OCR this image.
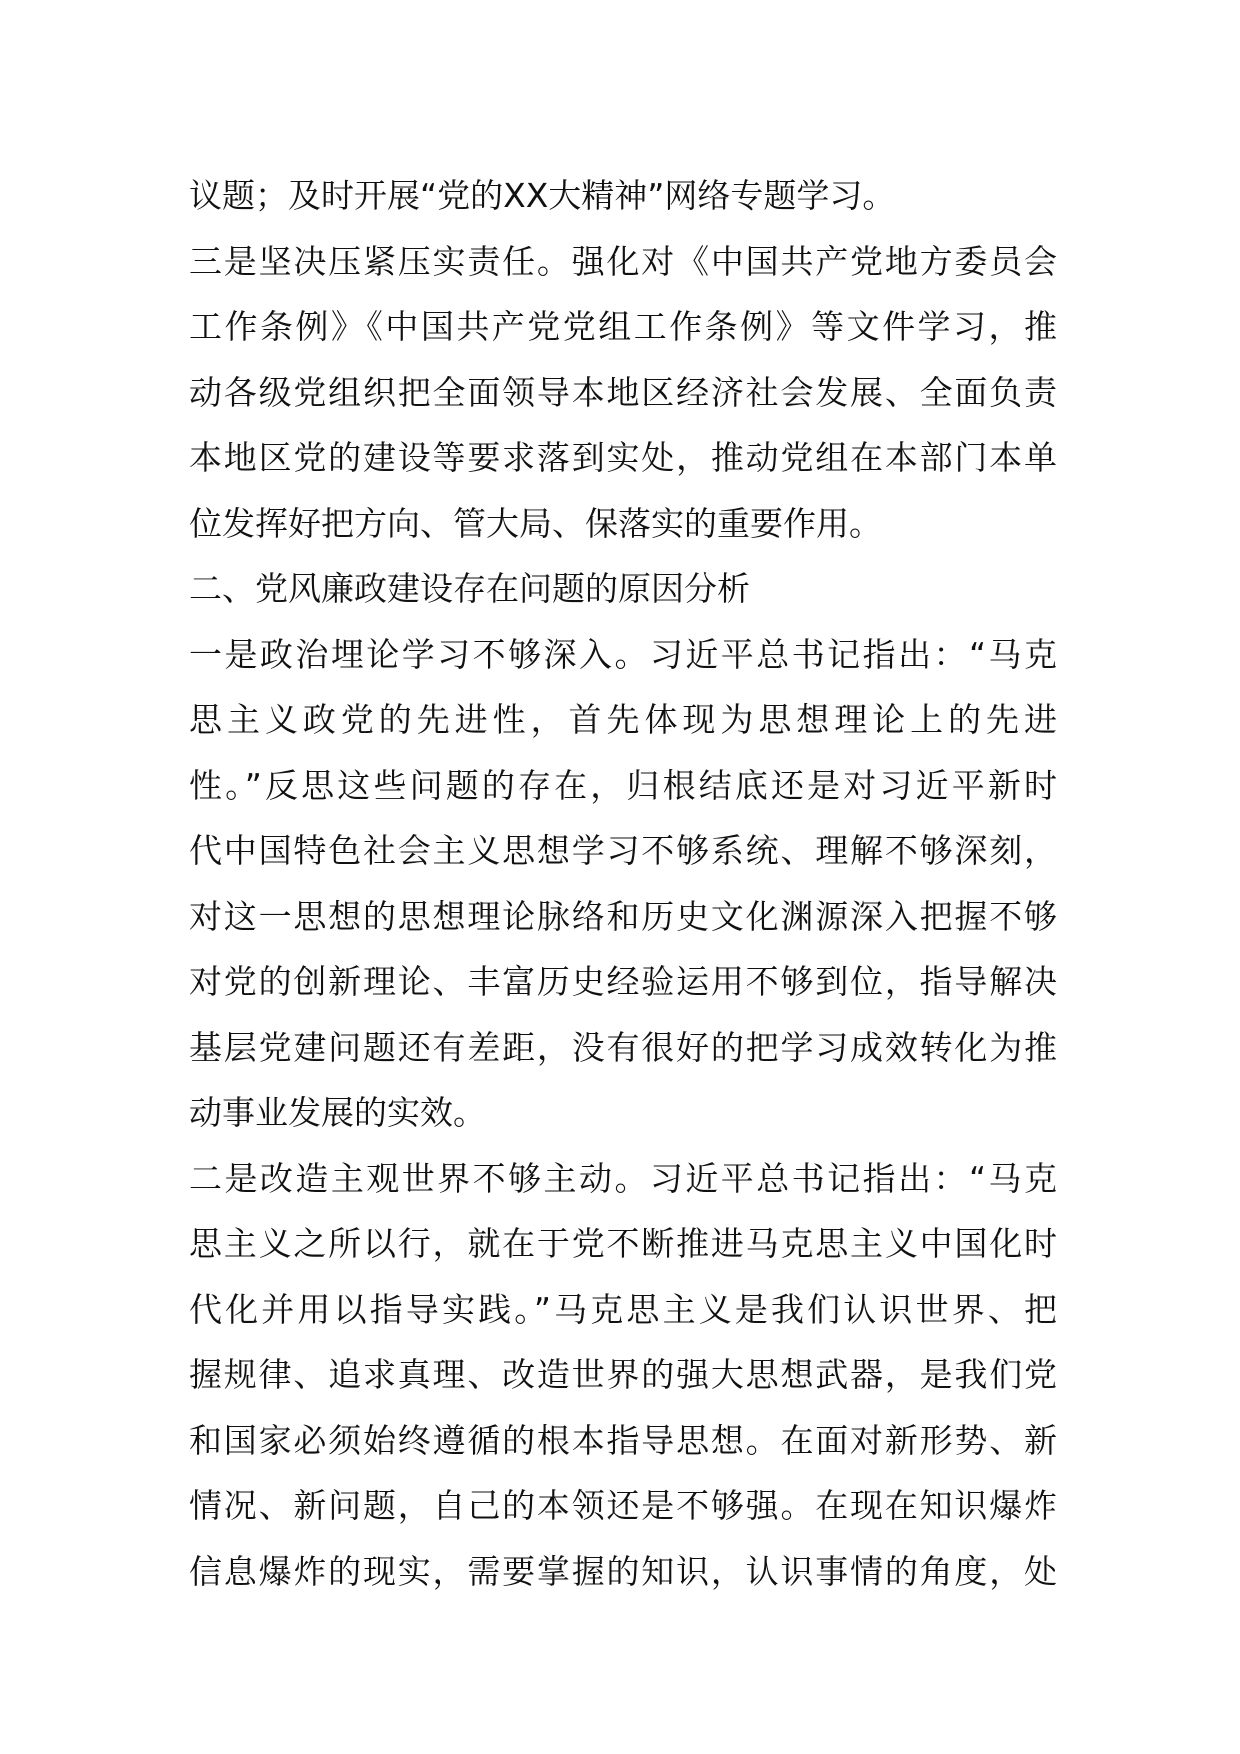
议题；及时开展“党的XX大精神”网络专题学习。
三是坚决压紧压实责任。强化对《中国共产党地方委员会
工作条例》《中国共产党党组工作条例》等文件学习，推
动各级党组织把全面领导本地区经济社会发展、全面负责
本地区党的建设等要求落到实处，推动党组在本部门本单
位发挥好把方向、管大局、保落实的重要作用。
二、党风廉政建设存在问题的原因分析
一是政治埋论学习不够深入。习近平总书记指出：“马克
思主义政党的先进性，首先体现为思想理论上的先进
性。”反思这些问题的存在，归根结底还是对习近平新时
代中国特色社会主义思想学习不够系统、理解不够深刻，
对这一思想的思想理论脉络和历史文化渊源深入把握不够
对党的创新理论、丰富历史经验运用不够到位，指导解决
基层党建问题还有差距，没有很好的把学习成效转化为推
动事业发展的实效。
二是改造主观世界不够主动。习近平总书记指出：“马克
思主义之所以行，就在于党不断推进马克思主义中国化时
代化并用以指导实践。”马克思主义是我们认识世界、把
握规律、追求真理、改造世界的强大思想武器，是我们党
和国家必须始终遵循的根本指导思想。在面对新形势、新
情况、新问题，自己的本领还是不够强。在现在知识爆炸
信息爆炸的现实，需要掌握的知识，认识事情的角度，处
